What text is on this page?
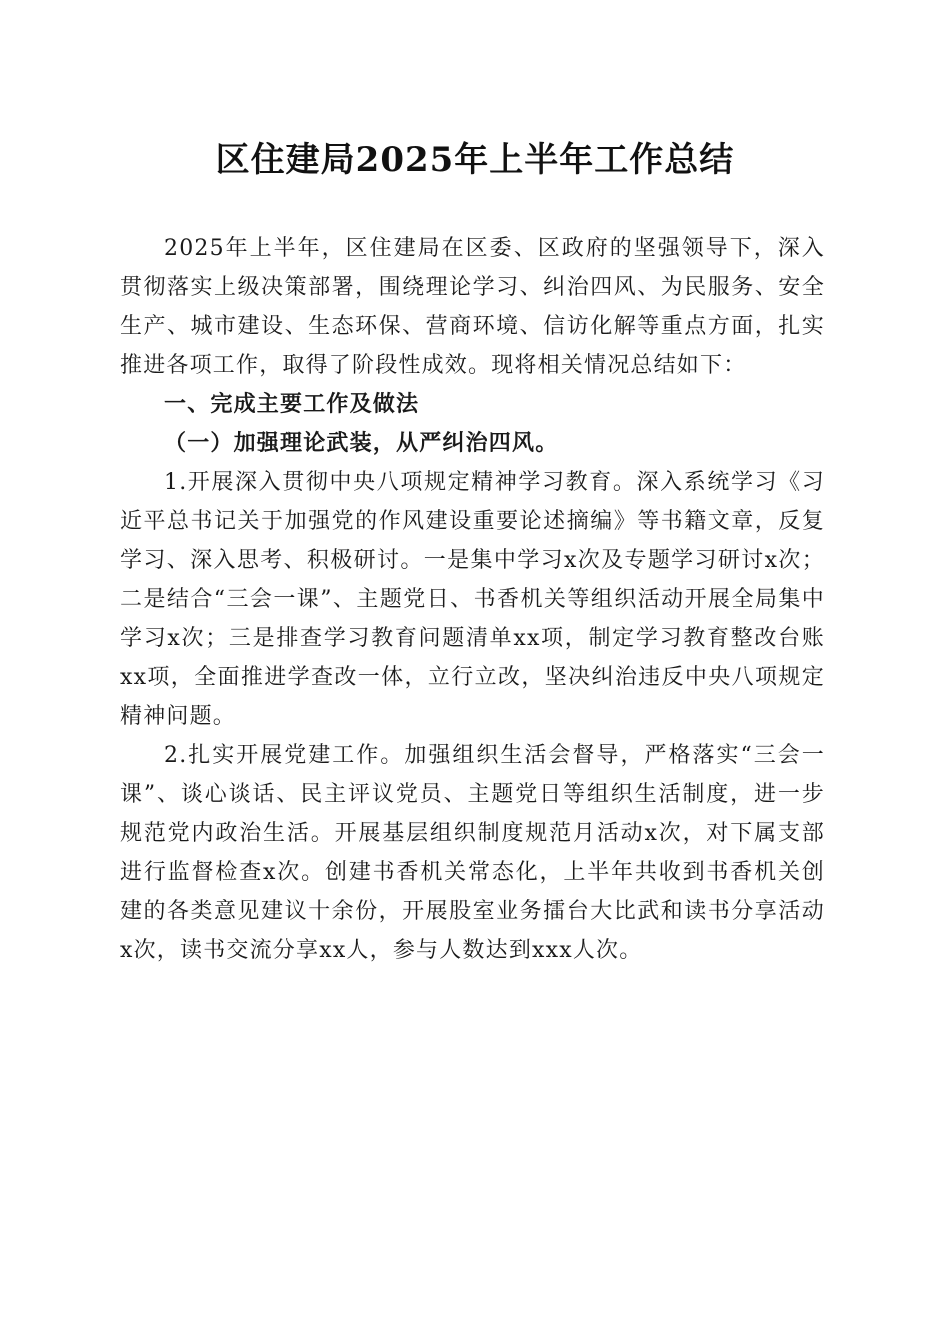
区住建局2025年上半年工作总结

2025年上半年，区住建局在区委、区政府的坚强领导下，深入贯彻落实上级决策部署，围绕理论学习、纠治四风、为民服务、安全生产、城市建设、生态环保、营商环境、信访化解等重点方面，扎实推进各项工作，取得了阶段性成效。现将相关情况总结如下：

一、完成主要工作及做法

（一）加强理论武装，从严纠治四风。

1.开展深入贯彻中央八项规定精神学习教育。深入系统学习《习近平总书记关于加强党的作风建设重要论述摘编》等书籍文章，反复学习、深入思考、积极研讨。一是集中学习x次及专题学习研讨x次；二是结合“三会一课”、主题党日、书香机关等组织活动开展全局集中学习x次；三是排查学习教育问题清单xx项，制定学习教育整改台账xx项，全面推进学查改一体，立行立改，坚决纠治违反中央八项规定精神问题。

2.扎实开展党建工作。加强组织生活会督导，严格落实“三会一课”、谈心谈话、民主评议党员、主题党日等组织生活制度，进一步规范党内政治生活。开展基层组织制度规范月活动x次，对下属支部进行监督检查x次。创建书香机关常态化，上半年共收到书香机关创建的各类意见建议十余份，开展股室业务擂台大比武和读书分享活动x次，读书交流分享xx人，参与人数达到xxx人次。
